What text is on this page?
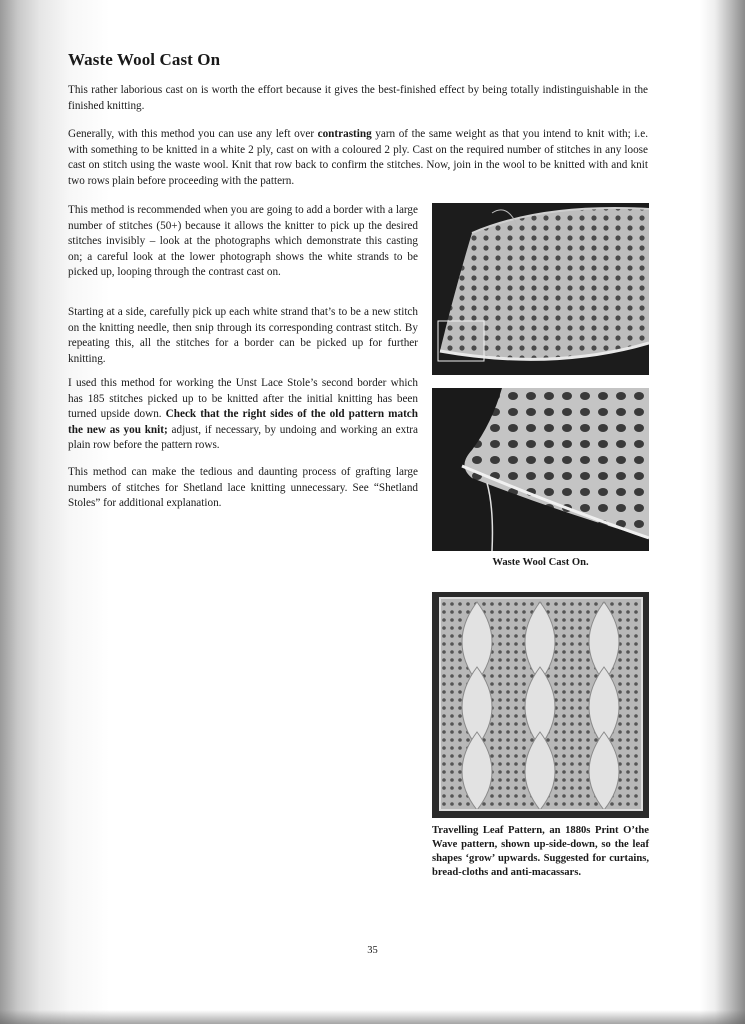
Waste Wool Cast On

This rather laborious cast on is worth the effort because it gives the best-finished effect by being totally indistinguishable in the finished knitting.

Generally, with this method you can use any left over contrasting yarn of the same weight as that you intend to knit with; i.e. with something to be knitted in a white 2 ply, cast on with a coloured 2 ply. Cast on the required number of stitches in any loose cast on stitch using the waste wool. Knit that row back to confirm the stitches. Now, join in the wool to be knitted with and knit two rows plain before proceeding with the pattern.

This method is recommended when you are going to add a border with a large number of stitches (50+) because it allows the knitter to pick up the desired stitches invisibly – look at the photographs which demonstrate this casting on; a careful look at the lower photograph shows the white strands to be picked up, looping through the contrast cast on.

Starting at a side, carefully pick up each white strand that’s to be a new stitch on the knitting needle, then snip through its corresponding contrast stitch. By repeating this, all the stitches for a border can be picked up for further knitting.

I used this method for working the Unst Lace Stole’s second border which has 185 stitches picked up to be knitted after the initial knitting has been turned upside down. Check that the right sides of the old pattern match the new as you knit; adjust, if necessary, by undoing and working an extra plain row before the pattern rows.

This method can make the tedious and daunting process of grafting large numbers of stitches for Shetland lace knitting unnecessary. See “Shetland Stoles” for additional explanation.

Waste Wool Cast On.

Travelling Leaf Pattern, an 1880s Print O’the Wave pattern, shown up-side-down, so the leaf shapes ‘grow’ upwards. Suggested for curtains, bread-cloths and anti-macassars.

35
